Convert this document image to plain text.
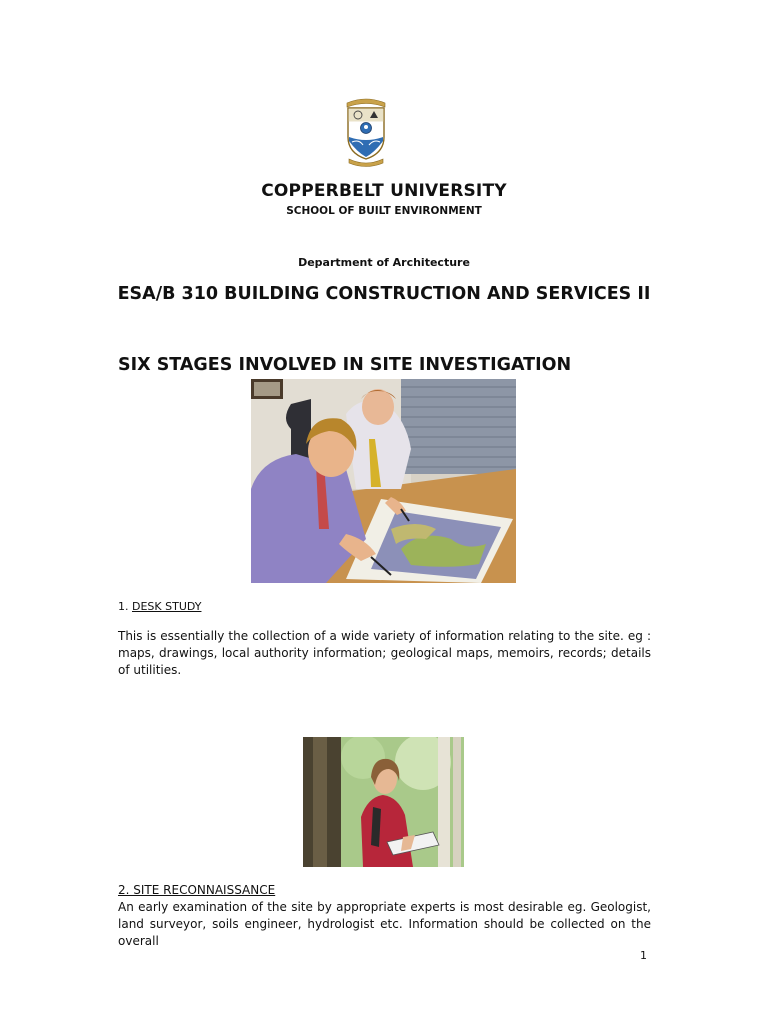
COPPERBELT UNIVERSITY
SCHOOL OF BUILT ENVIRONMENT
Department of Architecture
ESA/B 310 BUILDING CONSTRUCTION AND SERVICES II
SIX STAGES INVOLVED IN SITE INVESTIGATION
1. DESK STUDY
This is essentially the collection of a wide variety of information relating to the site. eg : maps, drawings, local authority information; geological maps, memoirs, records; details of utilities.
2. SITE RECONNAISSANCE
An early examination of the site by appropriate experts is most desirable eg. Geologist, land surveyor, soils engineer, hydrologist etc. Information should be collected on the overall
1
